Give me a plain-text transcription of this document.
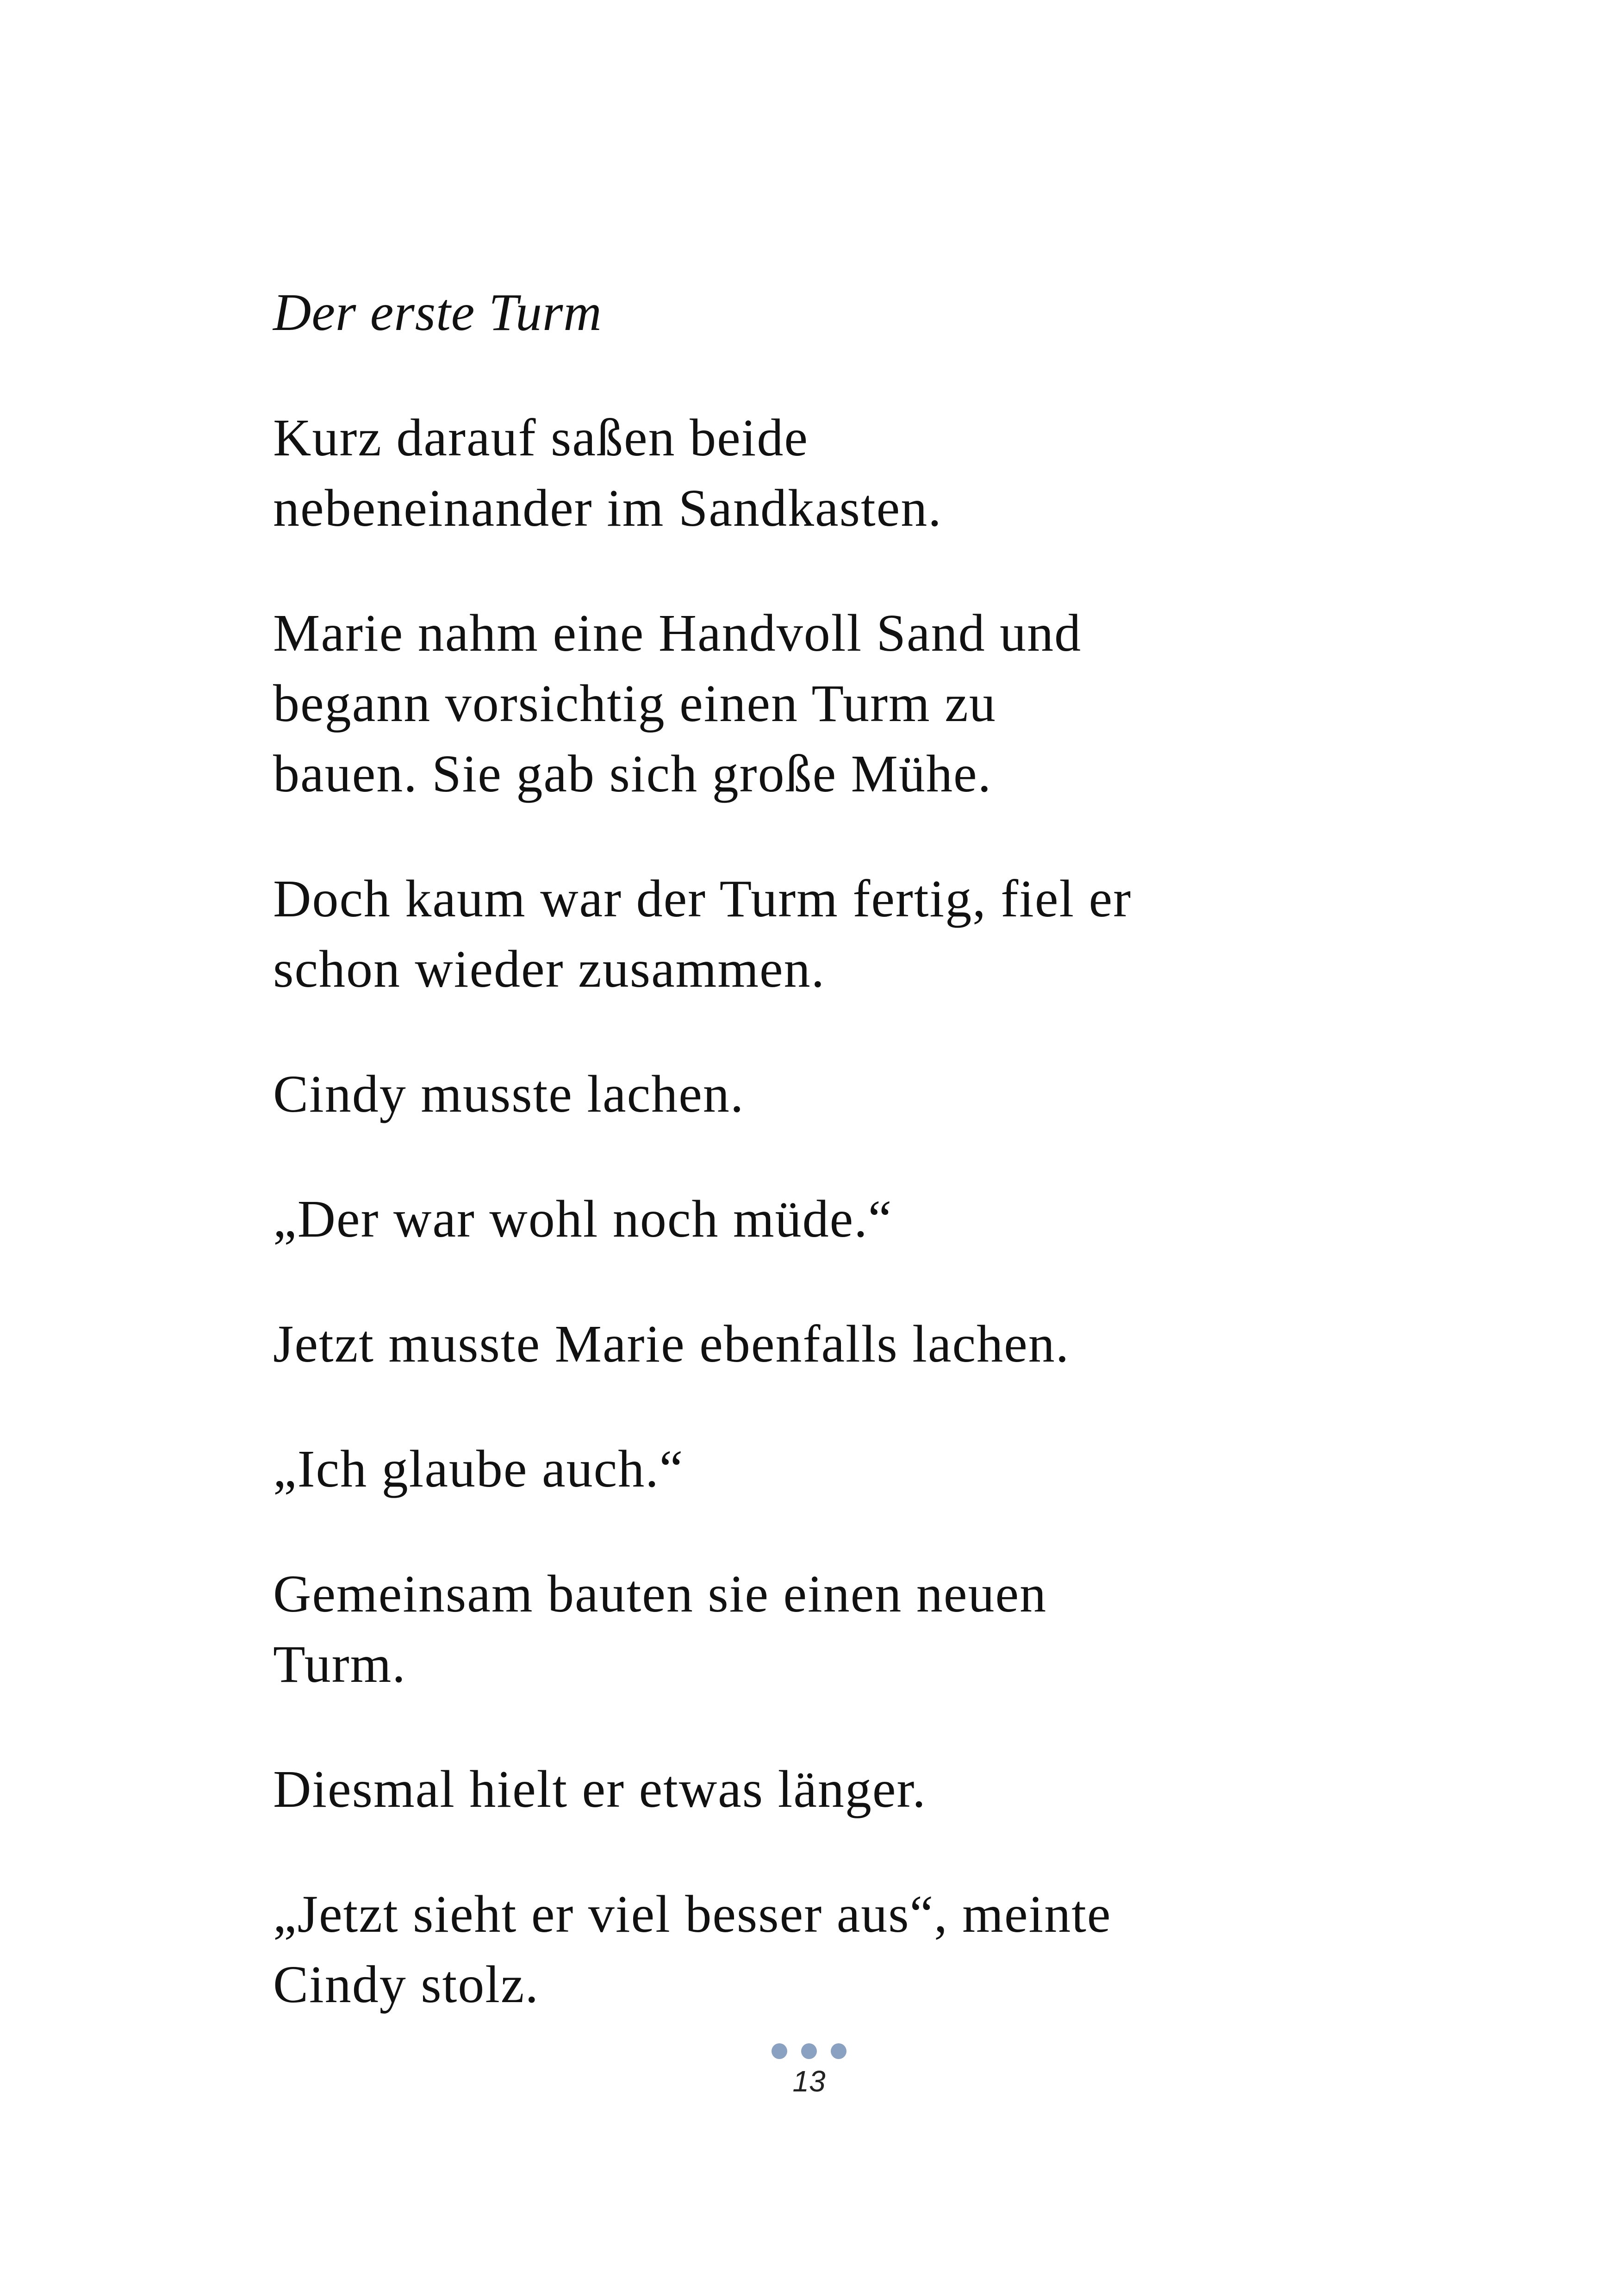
Der erste Turm

Kurz darauf saßen beide
nebeneinander im Sandkasten.

Marie nahm eine Handvoll Sand und
begann vorsichtig einen Turm zu
bauen. Sie gab sich große Mühe.

Doch kaum war der Turm fertig, fiel er
schon wieder zusammen.

Cindy musste lachen.

„Der war wohl noch müde.“

Jetzt musste Marie ebenfalls lachen.

„Ich glaube auch.“

Gemeinsam bauten sie einen neuen
Turm.

Diesmal hielt er etwas länger.

„Jetzt sieht er viel besser aus“, meinte
Cindy stolz.

13
